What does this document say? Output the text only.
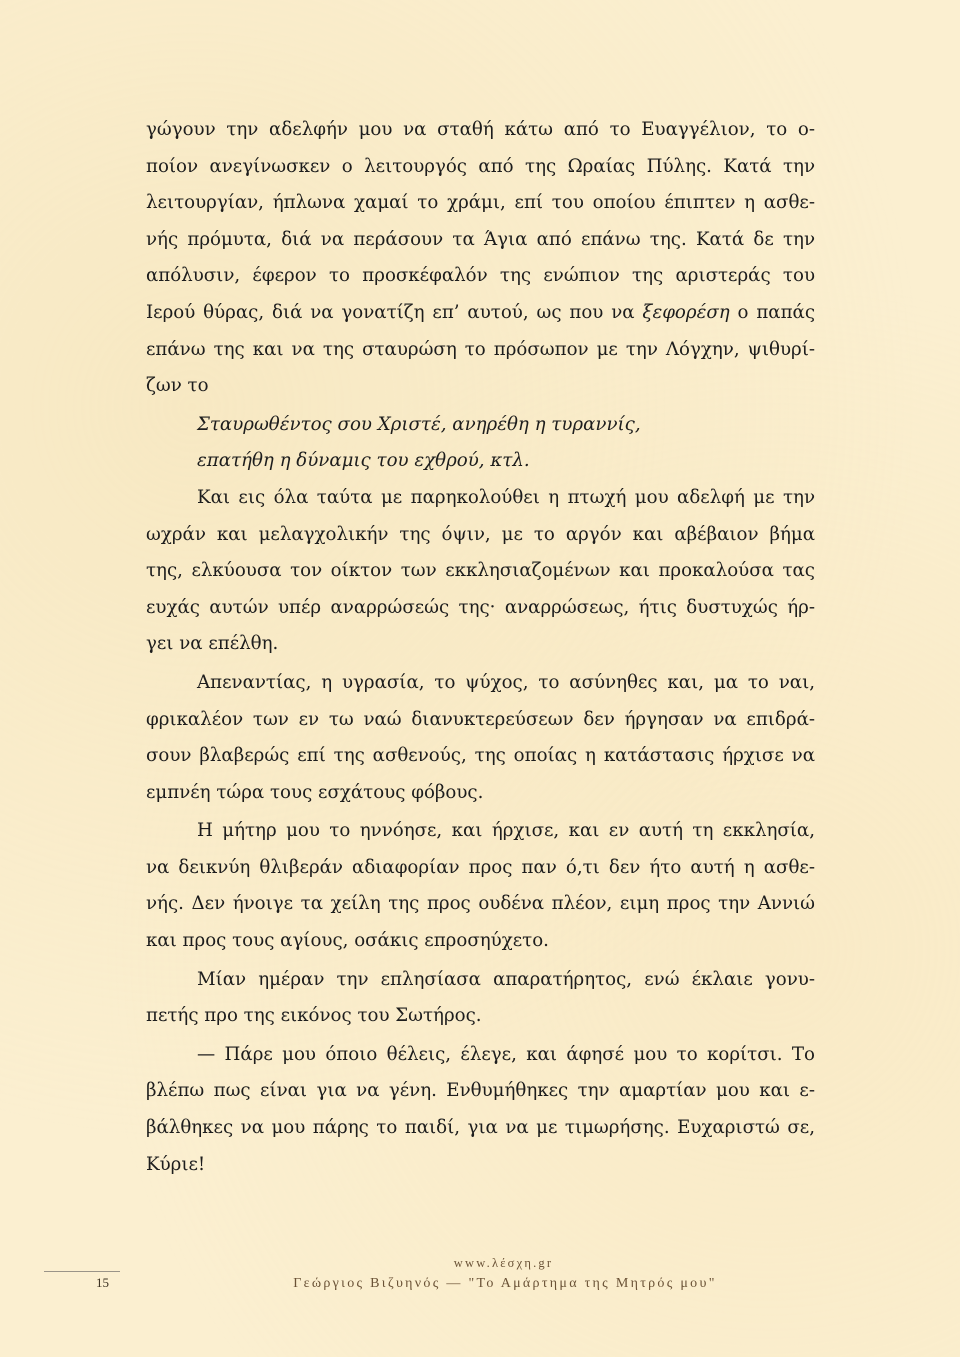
γώγουν την αδελφήν μου να σταθή κάτω από το Ευαγγέλιον, το ο-
ποίον ανεγίνωσκεν ο λειτουργός από της Ωραίας Πύλης. Κατά την
λειτουργίαν, ήπλωνα χαμαί το χράμι, επί του οποίου έπιπτεν η ασθε-
νής πρόμυτα, διά να περάσουν τα Άγια από επάνω της. Κατά δε την
απόλυσιν, έφερον το προσκέφαλόν της ενώπιον της αριστεράς του
Ιερού θύρας, διά να γονατίζη επ’ αυτού, ως που να ξεφορέση ο παπάς
επάνω της και να της σταυρώση το πρόσωπον με την Λόγχην, ψιθυρί-
ζων το
Σταυρωθέντος σου Χριστέ, ανηρέθη η τυραννίς,
επατήθη η δύναμις του εχθρού, κτλ.
Και εις όλα ταύτα με παρηκολούθει η πτωχή μου αδελφή με την
ωχράν και μελαγχολικήν της όψιν, με το αργόν και αβέβαιον βήμα
της, ελκύουσα τον οίκτον των εκκλησιαζομένων και προκαλούσα τας
ευχάς αυτών υπέρ αναρρώσεώς της· αναρρώσεως, ήτις δυστυχώς ήρ-
γει να επέλθη.
Απεναντίας, η υγρασία, το ψύχος, το ασύνηθες και, μα το ναι,
φρικαλέον των εν τω ναώ διανυκτερεύσεων δεν ήργησαν να επιδρά-
σουν βλαβερώς επί της ασθενούς, της οποίας η κατάστασις ήρχισε να
εμπνέη τώρα τους εσχάτους φόβους.
Η μήτηρ μου το ηννόησε, και ήρχισε, και εν αυτή τη εκκλησία,
να δεικνύη θλιβεράν αδιαφορίαν προς παν ό,τι δεν ήτο αυτή η ασθε-
νής. Δεν ήνοιγε τα χείλη της προς ουδένα πλέον, ειμη προς την Αννιώ
και προς τους αγίους, οσάκις επροσηύχετο.
Μίαν ημέραν την επλησίασα απαρατήρητος, ενώ έκλαιε γονυ-
πετής προ της εικόνος του Σωτήρος.
— Πάρε μου όποιο θέλεις, έλεγε, και άφησέ μου το κορίτσι. Το
βλέπω πως είναι για να γένη. Ενθυμήθηκες την αμαρτίαν μου και ε-
βάλθηκες να μου πάρης το παιδί, για να με τιμωρήσης. Ευχαριστώ σε,
Κύριε!
15
www.λέσχη.gr
Γεώργιος Βιζυηνός — "Το Αμάρτημα της Μητρός μου"
